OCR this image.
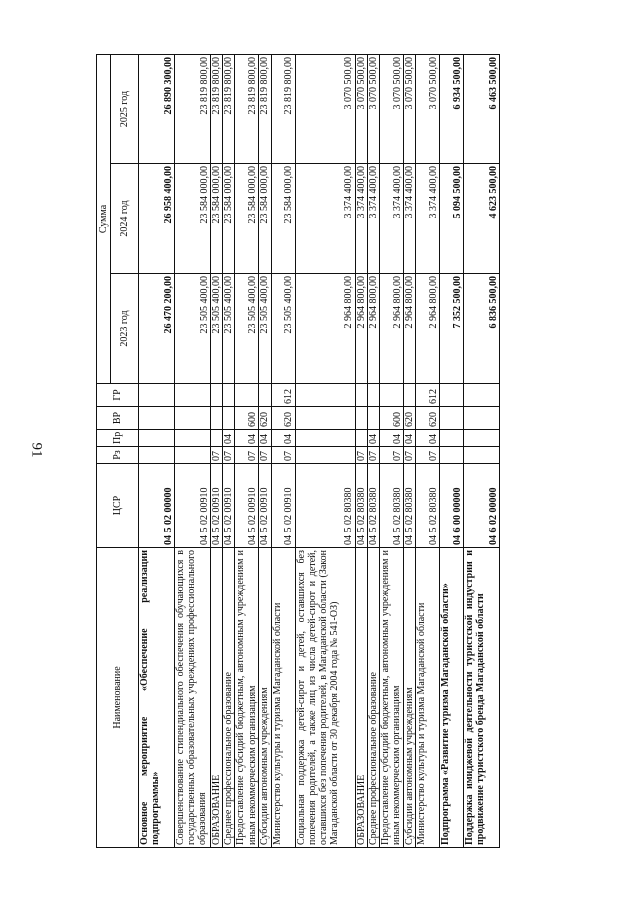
91
Наименование	ЦСР	Рз	Пр	ВР	ГР	Сумма		
						2023 год	2024 год	2025 год
Основное мероприятие «Обеспечение реализации подпрограммы»	04 5 02 00000					26 470 200,00	26 958 400,00	26 890 300,00
Совершенствование стипендиального обеспечения обучающихся в государственных образовательных учреждениях профессионального образования	04 5 02 00910					23 505 400,00	23 584 000,00	23 819 800,00
ОБРАЗОВАНИЕ	04 5 02 00910	07				23 505 400,00	23 584 000,00	23 819 800,00
Среднее профессиональное образование	04 5 02 00910	07	04			23 505 400,00	23 584 000,00	23 819 800,00
Предоставление субсидий бюджетным, автономным учреждениям и иным некоммерческим организациям	04 5 02 00910	07	04	600		23 505 400,00	23 584 000,00	23 819 800,00
Субсидии автономным учреждениям	04 5 02 00910	07	04	620		23 505 400,00	23 584 000,00	23 819 800,00
Министерство культуры и туризма Магаданской области	04 5 02 00910	07	04	620	612	23 505 400,00	23 584 000,00	23 819 800,00
Социальная поддержка детей-сирот и детей, оставшихся без попечения родителей, а также лиц из числа детей-сирот и детей, оставшихся без попечения родителей, в Магаданской области (Закон Магаданской области от 30 декабря 2004 года № 541-ОЗ)	04 5 02 80380					2 964 800,00	3 374 400,00	3 070 500,00
ОБРАЗОВАНИЕ	04 5 02 80380	07				2 964 800,00	3 374 400,00	3 070 500,00
Среднее профессиональное образование	04 5 02 80380	07	04			2 964 800,00	3 374 400,00	3 070 500,00
Предоставление субсидий бюджетным, автономным учреждениям и иным некоммерческим организациям	04 5 02 80380	07	04	600		2 964 800,00	3 374 400,00	3 070 500,00
Субсидии автономным учреждениям	04 5 02 80380	07	04	620		2 964 800,00	3 374 400,00	3 070 500,00
Министерство культуры и туризма Магаданской области	04 5 02 80380	07	04	620	612	2 964 800,00	3 374 400,00	3 070 500,00
Подпрограмма «Развитие туризма Магаданской области»	04 6 00 00000					7 352 500,00	5 094 500,00	6 934 500,00
Поддержка имиджевой деятельности туристской индустрии и продвижение туристского бренда Магаданской области	04 6 02 00000					6 836 500,00	4 623 500,00	6 463 500,00
